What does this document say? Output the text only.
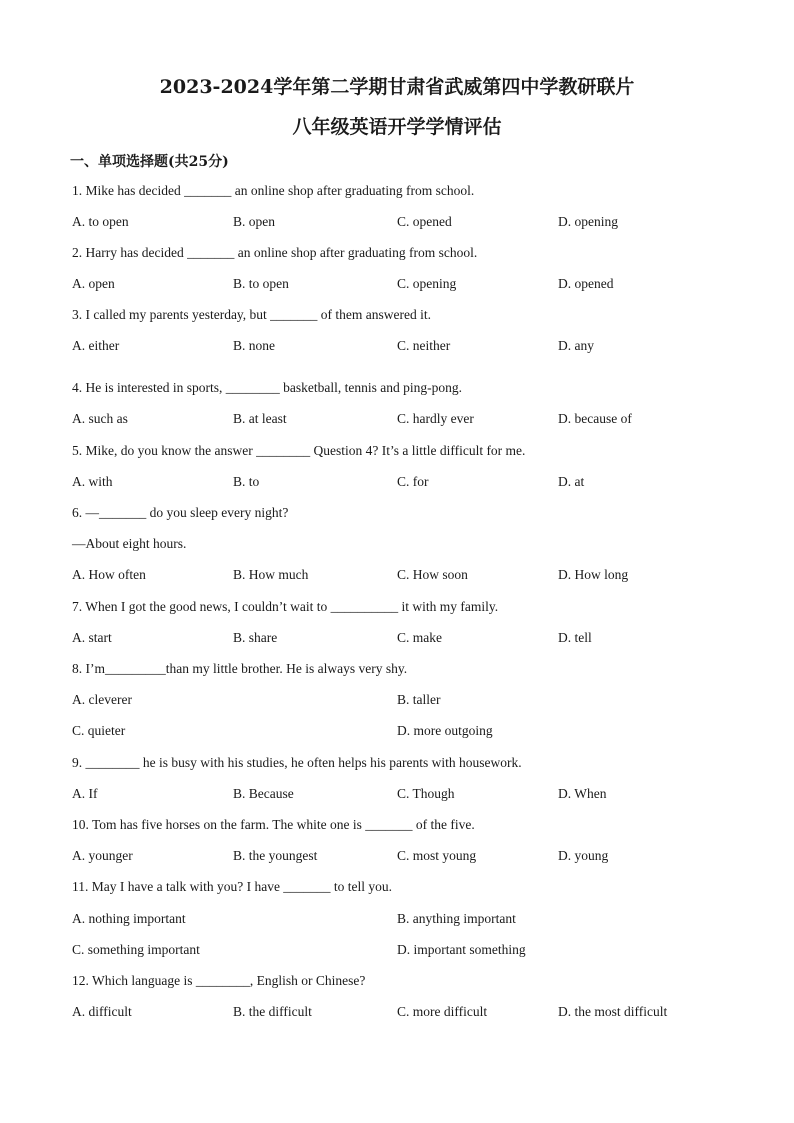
2023-2024学年第二学期甘肃省武威第四中学教研联片
八年级英语开学学情评估
一、单项选择题(共25分)
1. Mike has decided _______ an online shop after graduating from school.
A. to open	B. open	C. opened	D. opening
2. Harry has decided _______ an online shop after graduating from school.
A. open	B. to open	C. opening	D. opened
3. I called my parents yesterday, but _______ of them answered it.
A. either	B. none	C. neither	D. any
4. He is interested in sports, ________ basketball, tennis and ping-pong.
A. such as	B. at least	C. hardly ever	D. because of
5. Mike, do you know the answer ________ Question 4? It’s a little difficult for me.
A. with	B. to	C. for	D. at
6. —_______ do you sleep every night?
—About eight hours.
A. How often	B. How much	C. How soon	D. How long
7. When I got the good news, I couldn’t wait to __________ it with my family.
A. start	B. share	C. make	D. tell
8. I’m_________than my little brother. He is always very shy.
A. cleverer	B. taller
C. quieter	D. more outgoing
9. ________ he is busy with his studies, he often helps his parents with housework.
A. If	B. Because	C. Though	D. When
10. Tom has five horses on the farm. The white one is _______ of the five.
A. younger	B. the youngest	C. most young	D. young
11. May I have a talk with you? I have _______ to tell you.
A. nothing important	B. anything important
C. something important	D. important something
12. Which language is ________, English or Chinese?
A. difficult	B. the difficult	C. more difficult	D. the most difficult
